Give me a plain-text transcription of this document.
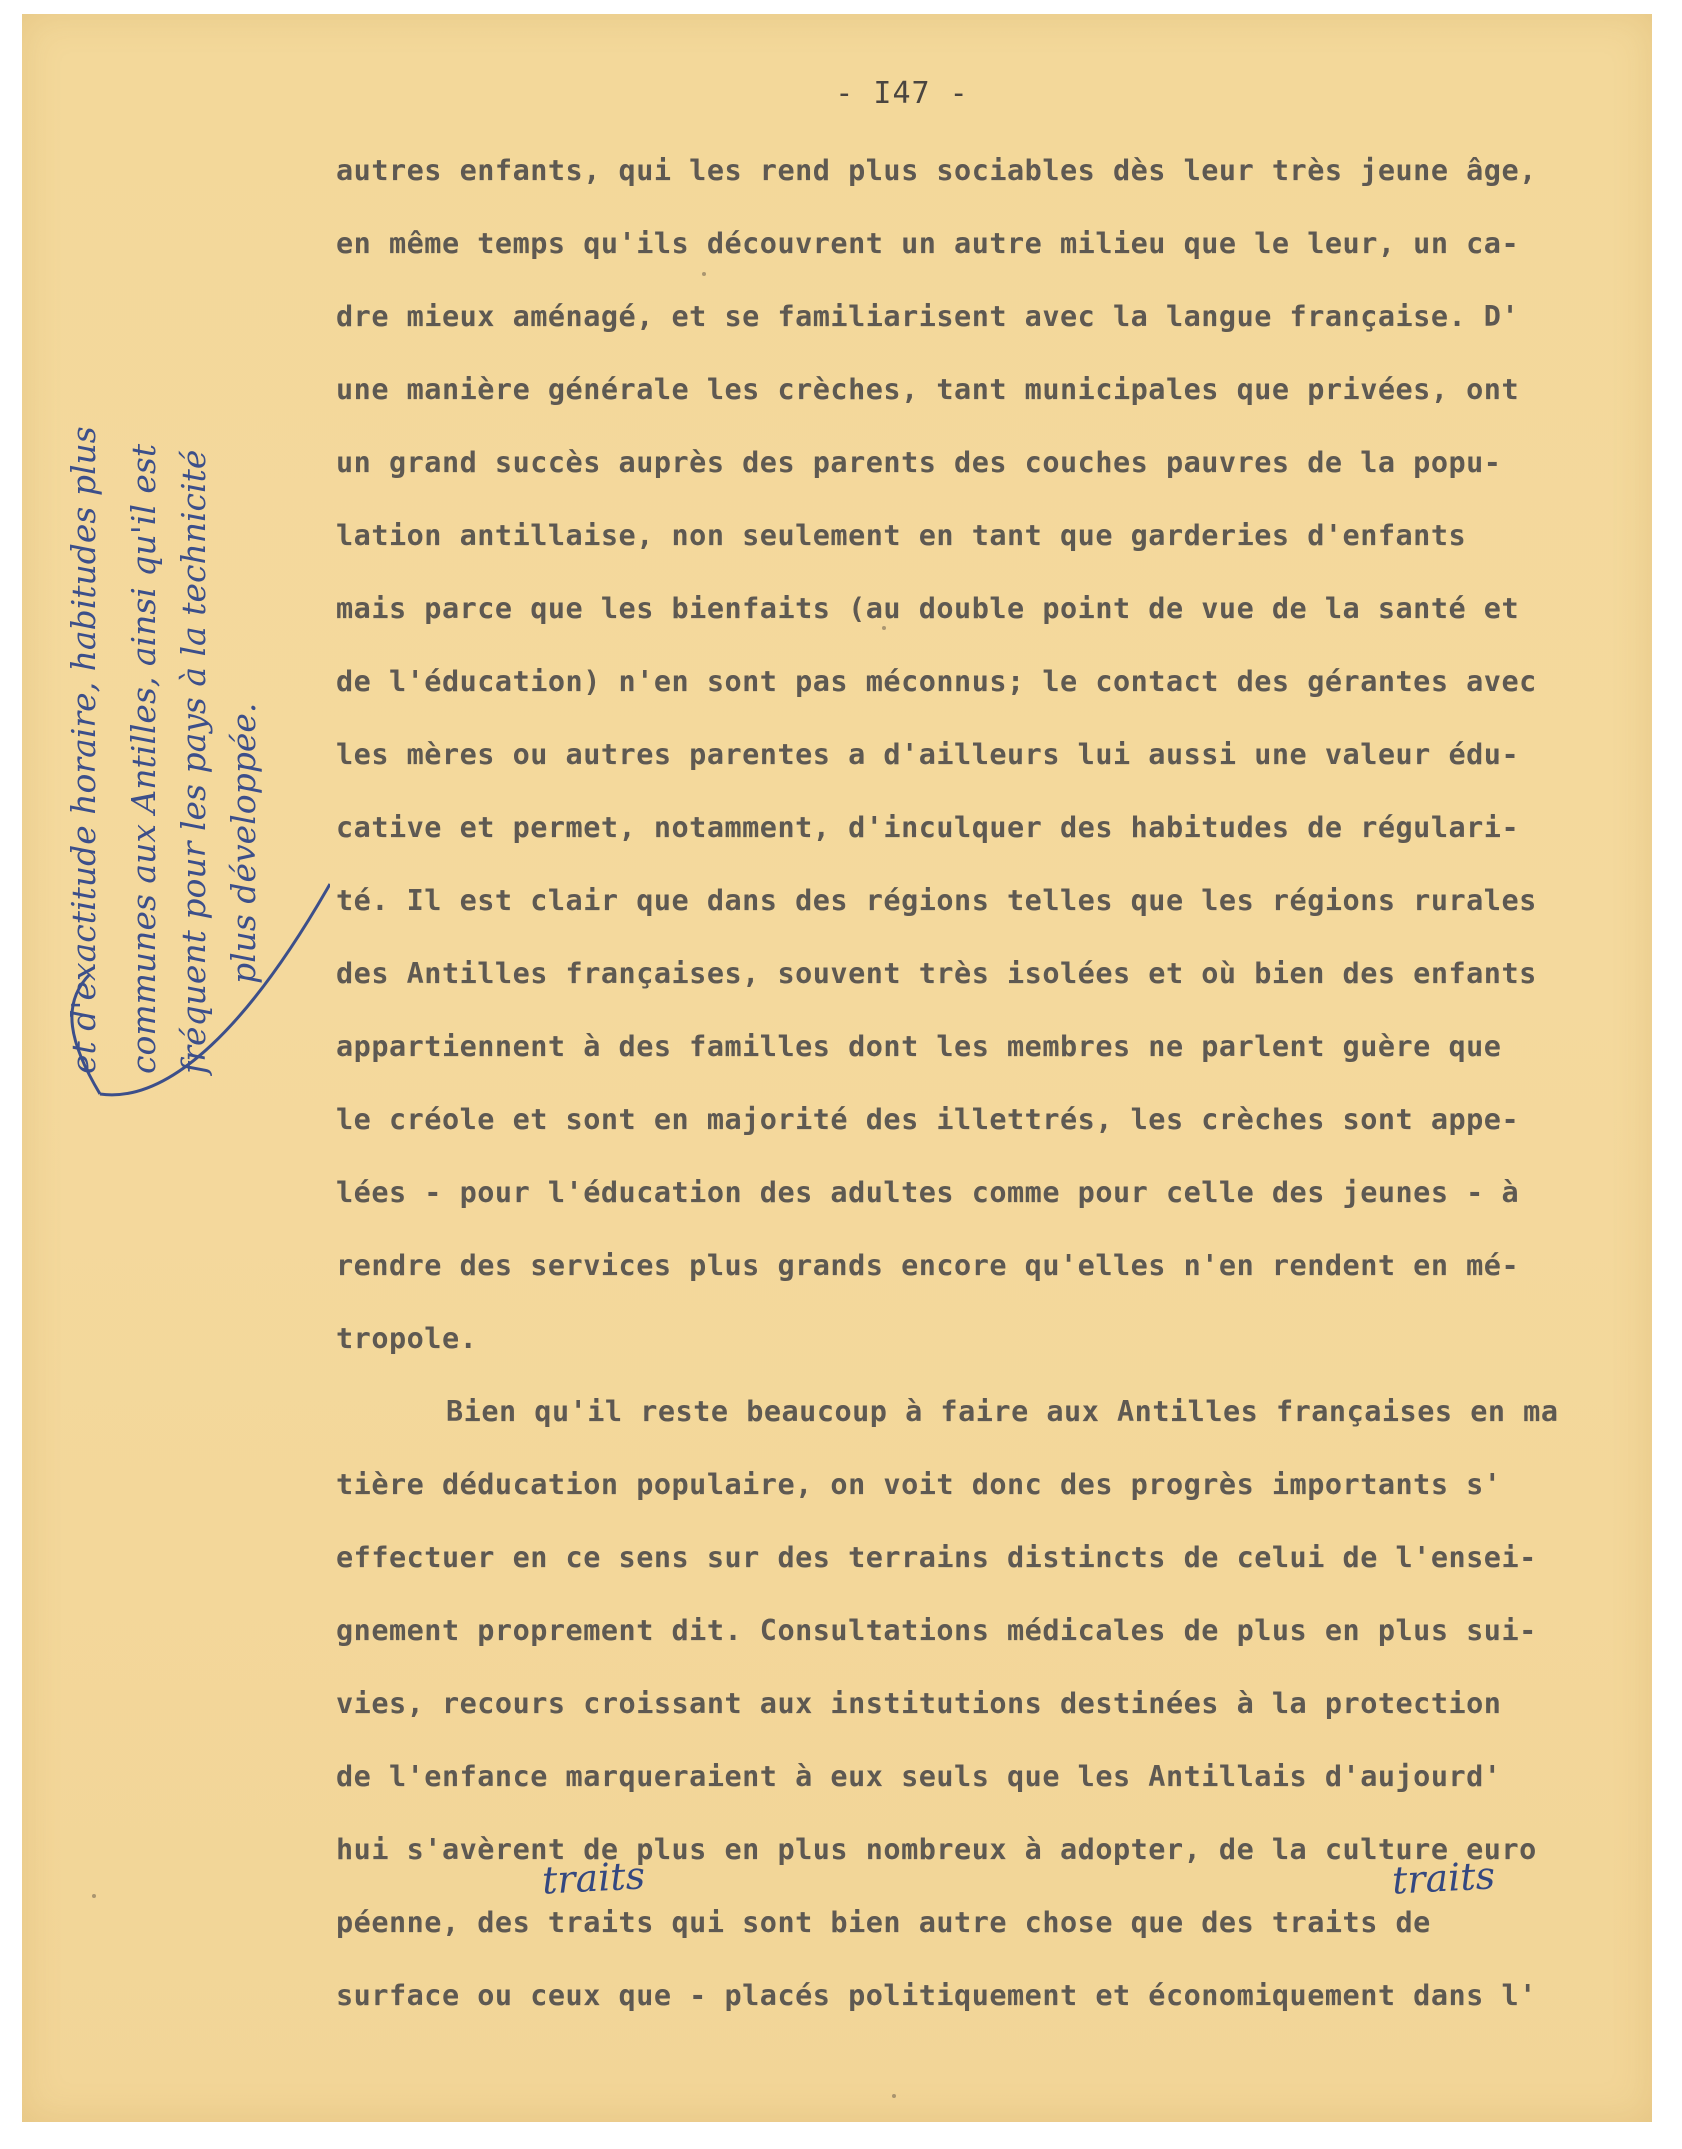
- I47 -
et d'exactitude horaire, habitudes plus communes aux Antilles, ainsi qu'il est fréquent pour les pays à la technicité plus développée.
autres enfants, qui les rend plus sociables dès leur très jeune âge,
en même temps qu'ils découvrent un autre milieu que le leur, un ca-
dre mieux aménagé, et se familiarisent avec la langue française. D'
une manière générale les crèches, tant municipales que privées, ont
un grand succès auprès des parents des couches pauvres de la popu-
lation antillaise, non seulement en tant que garderies d'enfants
mais parce que les bienfaits (au double point de vue de la santé et
de l'éducation) n'en sont pas méconnus; le contact des gérantes avec
les mères ou autres parentes a d'ailleurs lui aussi une valeur édu-
cative et permet, notamment, d'inculquer des habitudes de régulari-
té. Il est clair que dans des régions telles que les régions rurales
des Antilles françaises, souvent très isolées et où bien des enfants
appartiennent à des familles dont les membres ne parlent guère que
le créole et sont en majorité des illettrés, les crèches sont appe-
lées - pour l'éducation des adultes comme pour celle des jeunes - à
rendre des services plus grands encore qu'elles n'en rendent en mé-
tropole.
Bien qu'il reste beaucoup à faire aux Antilles françaises en ma
tière déducation populaire, on voit donc des progrès importants s'
effectuer en ce sens sur des terrains distincts de celui de l'ensei-
gnement proprement dit. Consultations médicales de plus en plus sui-
vies, recours croissant aux institutions destinées à la protection
de l'enfance marqueraient à eux seuls que les Antillais d'aujourd'
hui s'avèrent de plus en plus nombreux à adopter, de la culture euro
péenne, des traits qui sont bien autre chose que des traits de
surface ou ceux que - placés politiquement et économiquement dans l'
traits	traits
